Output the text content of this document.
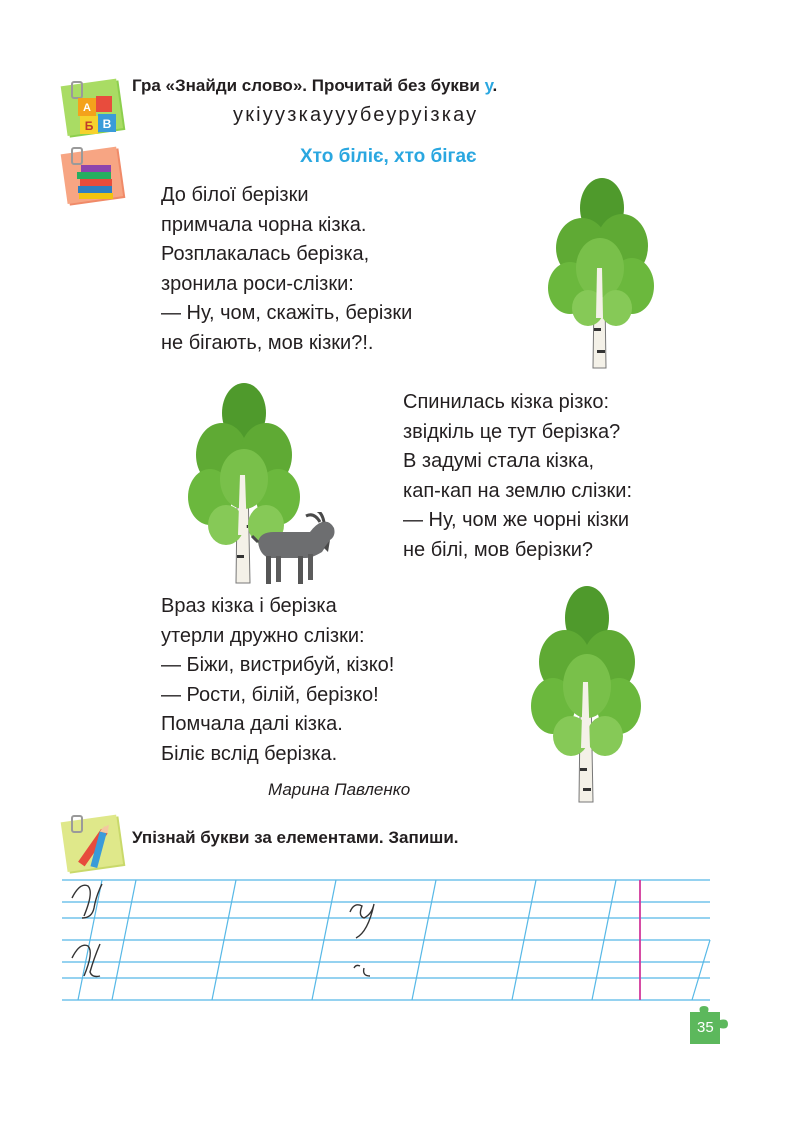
А
Б В
Гра «Знайди слово». Прочитай без букви у.
укіуузкаууубеуруізкау
Хто біліє, хто бігає
До білої берізки
примчала чорна кізка.
Розплакалась берізка,
зронила роси-слізки:
— Ну, чом, скажіть, берізки
не бігають, мов кізки?!.
Спинилась кізка різко:
звідкіль це тут берізка?
В задумі стала кізка,
кап-кап на землю слізки:
— Ну, чом же чорні кізки
не білі, мов берізки?
Враз кізка і берізка
утерли дружно слізки:
— Біжи, вистрибуй, кізко!
— Рости, білій, берізко!
Помчала далі кізка.
Біліє вслід берізка.
Марина Павленко
Упізнай букви за елементами. Запиши.
35
